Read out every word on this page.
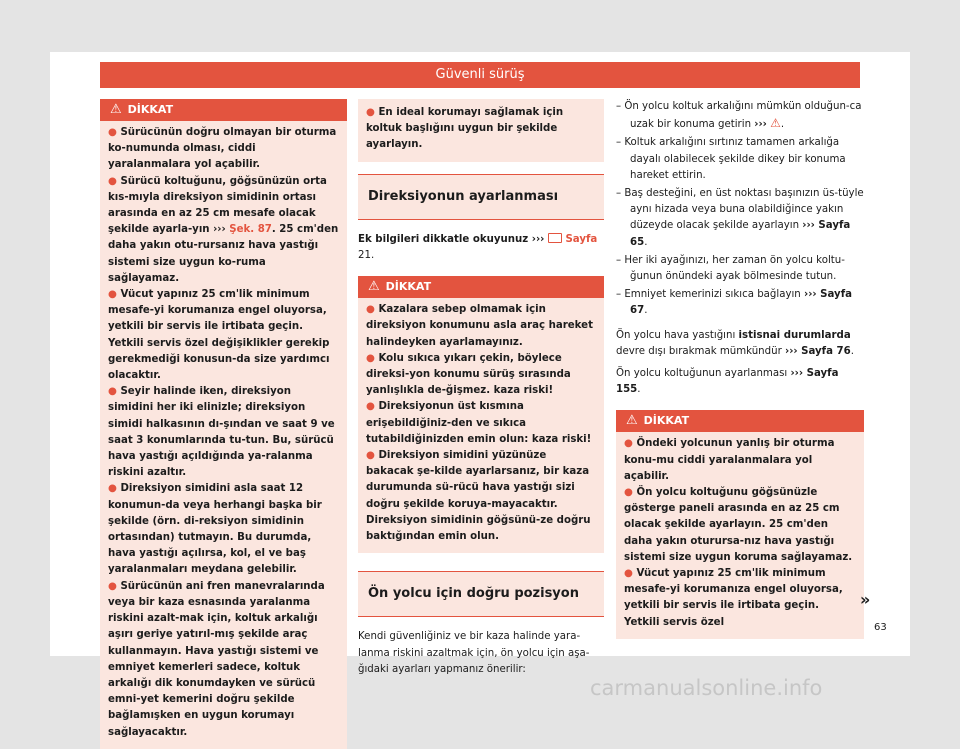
Güvenli sürüş
⚠ DİKKAT

● Sürücünün doğru olmayan bir oturma ko-numunda olması, ciddi yaralanmalara yol açabilir.

● Sürücü koltuğunu, göğsünüzün orta kıs-mıyla direksiyon simidinin ortası arasında en az 25 cm mesafe olacak şekilde ayarla-yın ››› Şek. 87. 25 cm'den daha yakın otu-rursanız hava yastığı sistemi size uygun ko-ruma sağlayamaz.

● Vücut yapınız 25 cm'lik minimum mesafe-yi korumanıza engel oluyorsa, yetkili bir servis ile irtibata geçin. Yetkili servis özel değişiklikler gerekip gerekmediği konusun-da size yardımcı olacaktır.

● Seyir halinde iken, direksiyon simidini her iki elinizle; direksiyon simidi halkasının dı-şından ve saat 9 ve saat 3 konumlarında tu-tun. Bu, sürücü hava yastığı açıldığında ya-ralanma riskini azaltır.

● Direksiyon simidini asla saat 12 konumun-da veya herhangi başka bir şekilde (örn. di-reksiyon simidinin ortasından) tutmayın. Bu durumda, hava yastığı açılırsa, kol, el ve baş yaralanmaları meydana gelebilir.

● Sürücünün ani fren manevralarında veya bir kaza esnasında yaralanma riskini azalt-mak için, koltuk arkalığı aşırı geriye yatırıl-mış şekilde araç kullanmayın. Hava yastığı sistemi ve emniyet kemerleri sadece, koltuk arkalığı dik konumdayken ve sürücü emni-yet kemerini doğru şekilde bağlamışken en uygun korumayı sağlayacaktır.

● En ideal korumayı sağlamak için koltuk başlığını uygun bir şekilde ayarlayın.

Direksiyonun ayarlanması

Ek bilgileri dikkatle okuyunuz ››› Sayfa
21.

⚠ DİKKAT

● Kazalara sebep olmamak için direksiyon konumunu asla araç hareket halindeyken ayarlamayınız.

● Kolu sıkıca yıkarı çekin, böylece direksi-yon konumu sürüş sırasında yanlışlıkla de-ğişmez. kaza riski!

● Direksiyonun üst kısmına erişebildiğiniz-den ve sıkıca tutabildiğinizden emin olun: kaza riski!

● Direksiyon simidini yüzünüze bakacak şe-kilde ayarlarsanız, bir kaza durumunda sü-rücü hava yastığı sizi doğru şekilde koruya-mayacaktır. Direksiyon simidinin göğsünü-ze doğru baktığından emin olun.

Ön yolcu için doğru pozisyon

Kendi güvenliğiniz ve bir kaza halinde yara-lanma riskini azaltmak için, ön yolcu için aşa-ğıdaki ayarları yapmanız önerilir:

– Ön yolcu koltuk arkalığını mümkün olduğun-ca uzak bir konuma getirin ››› ⚠.

– Koltuk arkalığını sırtınız tamamen arkalığa dayalı olabilecek şekilde dikey bir konuma hareket ettirin.

– Baş desteğini, en üst noktası başınızın üs-tüyle aynı hizada veya buna olabildiğince yakın düzeyde olacak şekilde ayarlayın ››› Sayfa 65.

– Her iki ayağınızı, her zaman ön yolcu koltu-ğunun önündeki ayak bölmesinde tutun.

– Emniyet kemerinizi sıkıca bağlayın ››› Sayfa 67.

Ön yolcu hava yastığını istisnai durumlarda devre dışı bırakmak mümkündür ››› Sayfa 76.

Ön yolcu koltuğunun ayarlanması ››› Sayfa 155.

⚠ DİKKAT

● Öndeki yolcunun yanlış bir oturma konu-mu ciddi yaralanmalara yol açabilir.

● Ön yolcu koltuğunu göğsünüzle gösterge paneli arasında en az 25 cm olacak şekilde ayarlayın. 25 cm'den daha yakın oturursa-nız hava yastığı sistemi size uygun koruma sağlayamaz.

● Vücut yapınız 25 cm'lik minimum mesafe-yi korumanıza engel oluyorsa, yetkili bir servis ile irtibata geçin. Yetkili servis özel

»
63
carmanualsonline.info
